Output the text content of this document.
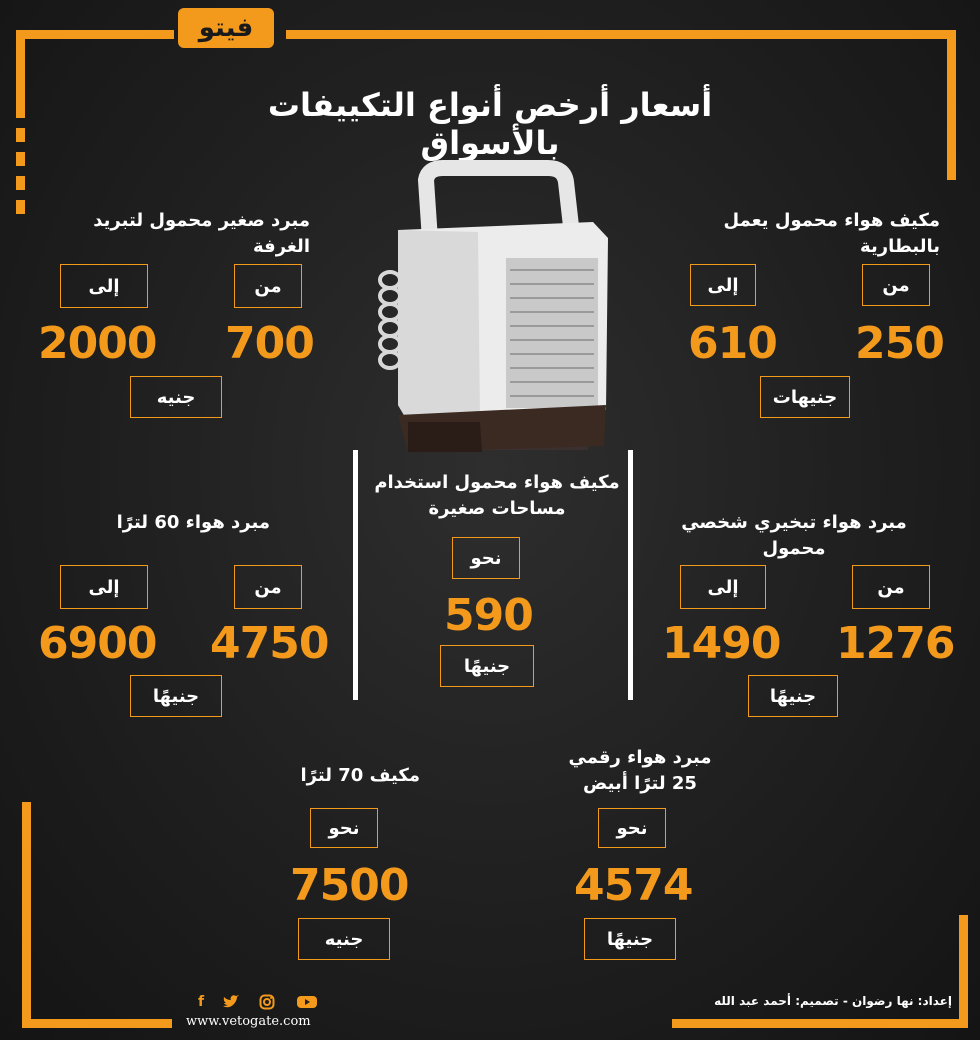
فيتو
أسعار أرخص أنواع التكييفات بالأسواق
مكيف هواء محمول يعمل بالبطارية
من
إلى
250
610
جنيهات
مبرد صغير محمول لتبريد الغرفة
من
إلى
700
2000
جنيه
مكيف هواء محمول استخدام مساحات صغيرة
نحو
590
جنيهًا
مبرد هواء تبخيري شخصي محمول
من
إلى
1276
1490
جنيهًا
مبرد هواء 60 لترًا
من
إلى
4750
6900
جنيهًا
مبرد هواء رقمي 25 لترًا أبيض
نحو
4574
جنيهًا
مكيف 70 لترًا
نحو
7500
جنيه
f
www.vetogate.com
إعداد: نها رضوان - تصميم: أحمد عبد الله
